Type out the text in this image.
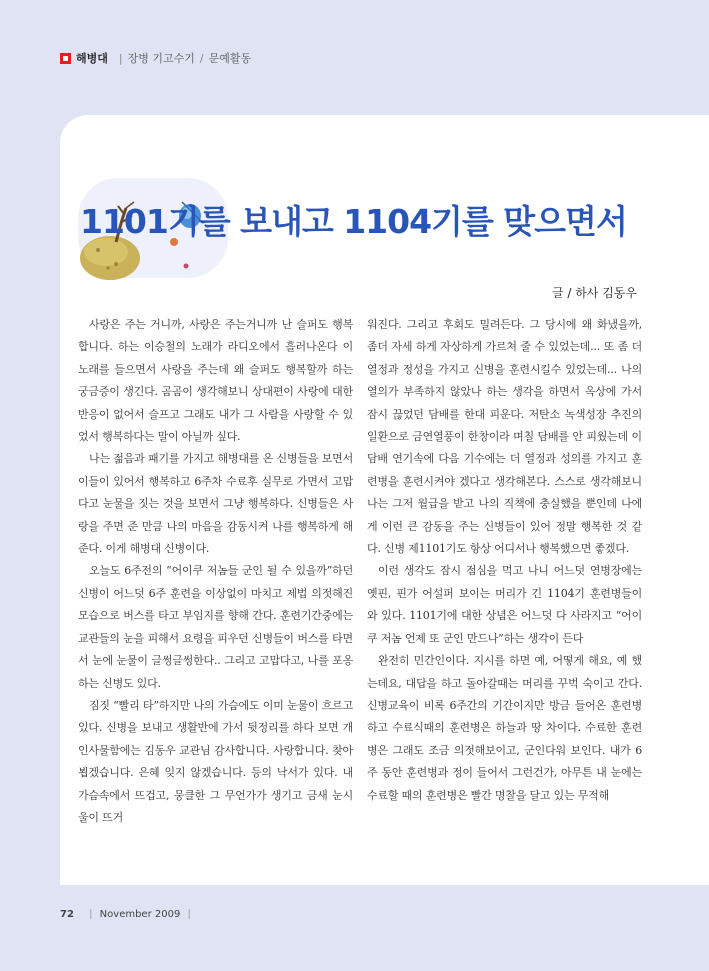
해병대 | 장병 기고수기 / 문예활동
1101기를 보내고 1104기를 맞으면서
글 / 하사 김동우

사랑은 주는 거니까, 사랑은 주는거니까 난 슬퍼도 행복합니다. 하는 이승철의 노래가 라디오에서 흘러나온다 이 노래를 들으면서 사랑을 주는데 왜 슬퍼도 행복할까 하는 궁금증이 생긴다. 곰곰이 생각해보니 상대편이 사랑에 대한 반응이 없어서 슬프고 그래도 내가 그 사람을 사랑할 수 있었서 행복하다는 말이 아닐까 싶다.

나는 젊음과 패기를 가지고 해병대를 온 신병들을 보면서 이들이 있어서 행복하고 6주차 수료후 실무로 가면서 고맙다고 눈물을 짓는 것을 보면서 그냥 행복하다. 신병들은 사랑을 주면 준 만큼 나의 마음을 감동시켜 나를 행복하게 해준다. 이게 해병대 신병이다.

오늘도 6주전의 “어이쿠 저놈들 군인 될 수 있을까”하던 신병이 어느덧 6주 훈련을 이상없이 마치고 제법 의젓해진 모습으로 버스를 타고 부임지를 향해 간다. 훈련기간중에는 교관들의 눈을 피해서 요령을 피우던 신병들이 버스를 타면서 눈에 눈물이 글썽글썽한다.. 그리고 고맙다고, 나를 포옹하는 신병도 있다.

짐짓 “빨리 타”하지만 나의 가슴에도 이미 눈물이 흐르고 있다. 신병을 보내고 생활반에 가서 뒷정리를 하다 보면 개인사물함에는 김동우 교관님 감사합니다. 사랑합니다. 찾아뵙겠습니다. 은혜 잊지 않겠습니다. 등의 낙서가 있다. 내 가슴속에서 뜨겁고, 뭉클한 그 무언가가 생기고 금새 눈시울이 뜨거

워진다. 그리고 후회도 밀려든다. 그 당시에 왜 화냈을까, 좀더 자세 하게 자상하게 가르쳐 줄 수 있었는데... 또 좀 더 열정과 정성을 가지고 신병을 훈련시킬수 있었는데... 나의 열의가 부족하지 않았나 하는 생각을 하면서 옥상에 가서 잠시 끊었던 담배를 한대 피운다. 저탄소 녹색성장 추진의 일환으로 금연열풍이 한창이라 며칠 담배를 안 피웠는데 이 담배 연기속에 다음 기수에는 더 열정과 성의를 가지고 훈련병을 훈련시켜야 겠다고 생각해본다. 스스로 생각해보니 나는 그저 월급을 받고 나의 직책에 충실했을 뿐인데 나에게 이런 큰 감동을 주는 신병들이 있어 정말 행복한 것 같다. 신병 제1101기도 항상 어디서나 행복했으면 좋겠다.

이런 생각도 잠시 점심을 먹고 나니 어느덧 연병장에는 옛핀, 핀가 어설퍼 보이는 머리가 긴 1104기 훈련병들이 와 있다. 1101기에 대한 상념은 어느덧 다 사라지고 “어이쿠 저놈 언제 또 군인 만드나”하는 생각이 든다

완전히 민간인이다. 지시를 하면 예, 어떻게 해요, 예 했는데요, 대답을 하고 돌아갈때는 머리를 꾸벅 숙이고 간다. 신병교육이 비록 6주간의 기간이지만 방금 들어온 훈련병하고 수료식때의 훈련병은 하늘과 땅 차이다. 수료한 훈련병은 그래도 조금 의젓해보이고, 군인다워 보인다. 내가 6주 동안 훈련병과 정이 들어서 그런건가, 아무튼 내 눈에는 수료할 때의 훈련병은 빨간 명찰을 달고 있는 무적해

72 | November 2009 |
